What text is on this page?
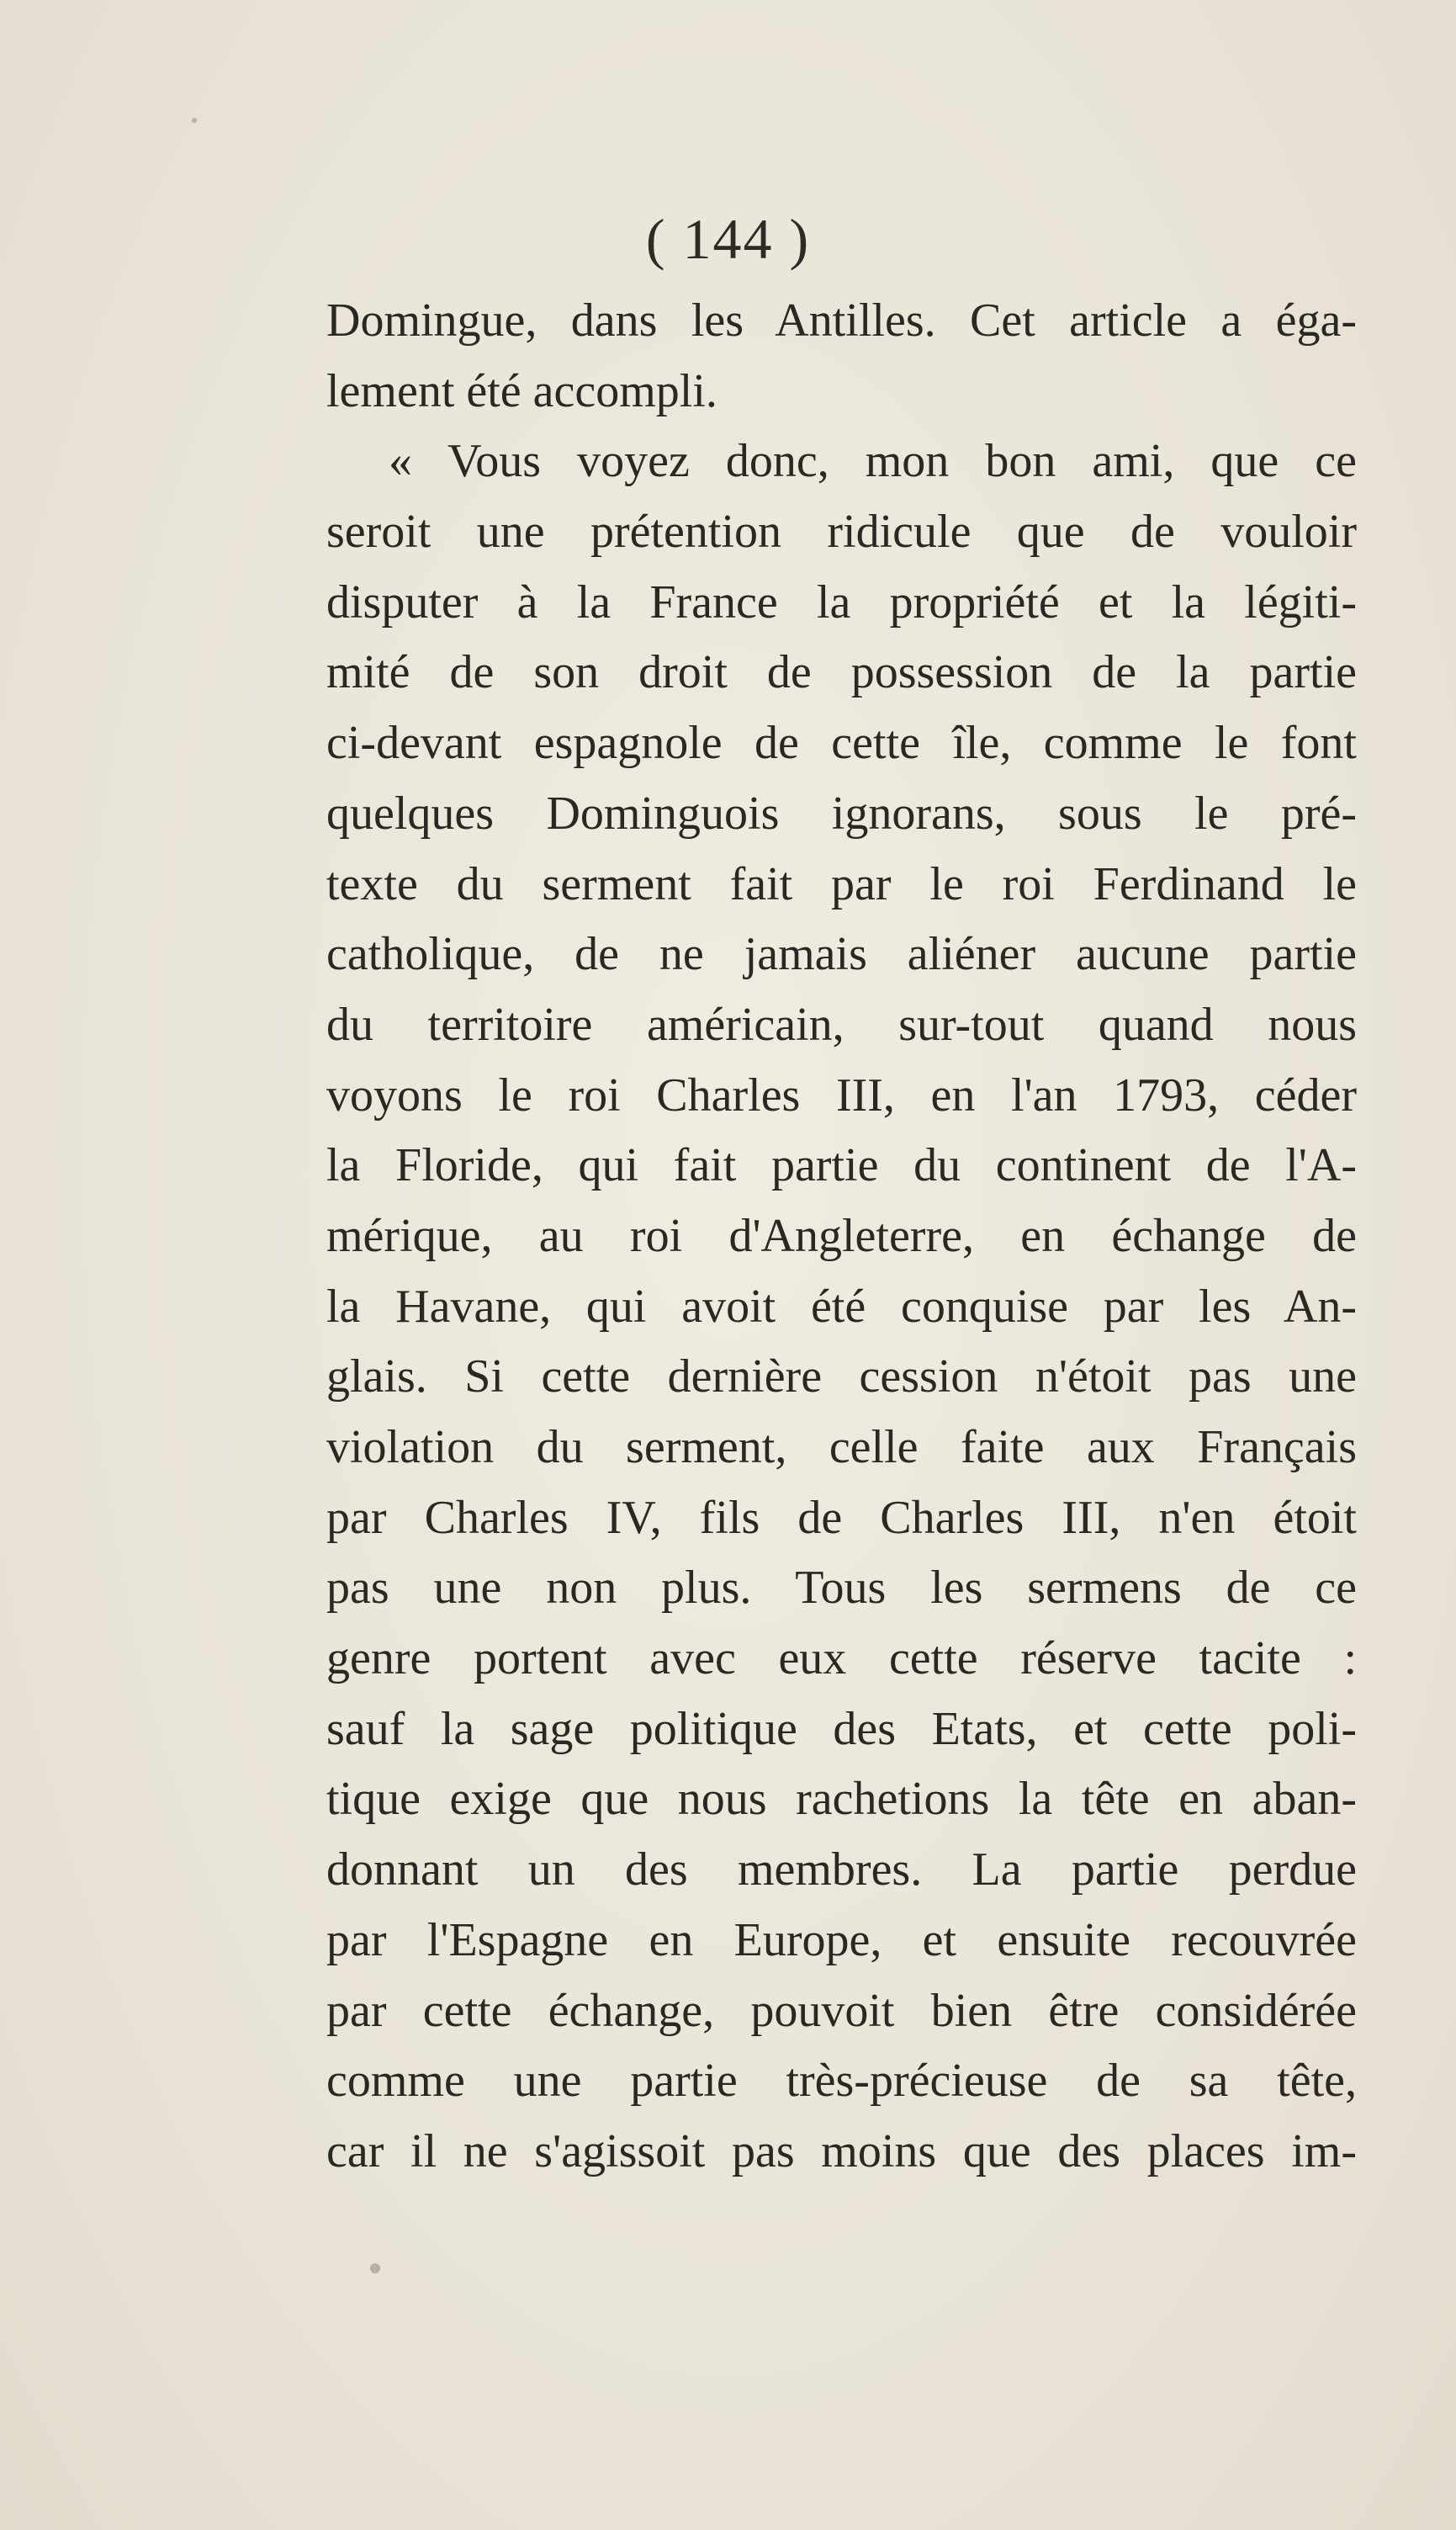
( 144 )
Domingue, dans les Antilles. Cet article a éga-
lement été accompli.
« Vous voyez donc, mon bon ami, que ce
seroit une prétention ridicule que de vouloir
disputer à la France la propriété et la légiti-
mité de son droit de possession de la partie
ci-devant espagnole de cette île, comme le font
quelques Dominguois ignorans, sous le pré-
texte du serment fait par le roi Ferdinand le
catholique, de ne jamais aliéner aucune partie
du territoire américain, sur-tout quand nous
voyons le roi Charles III, en l'an 1793, céder
la Floride, qui fait partie du continent de l'A-
mérique, au roi d'Angleterre, en échange de
la Havane, qui avoit été conquise par les An-
glais. Si cette dernière cession n'étoit pas une
violation du serment, celle faite aux Français
par Charles IV, fils de Charles III, n'en étoit
pas une non plus. Tous les sermens de ce
genre portent avec eux cette réserve tacite :
sauf la sage politique des Etats, et cette poli-
tique exige que nous rachetions la tête en aban-
donnant un des membres. La partie perdue
par l'Espagne en Europe, et ensuite recouvrée
par cette échange, pouvoit bien être considérée
comme une partie très-précieuse de sa tête,
car il ne s'agissoit pas moins que des places im-
